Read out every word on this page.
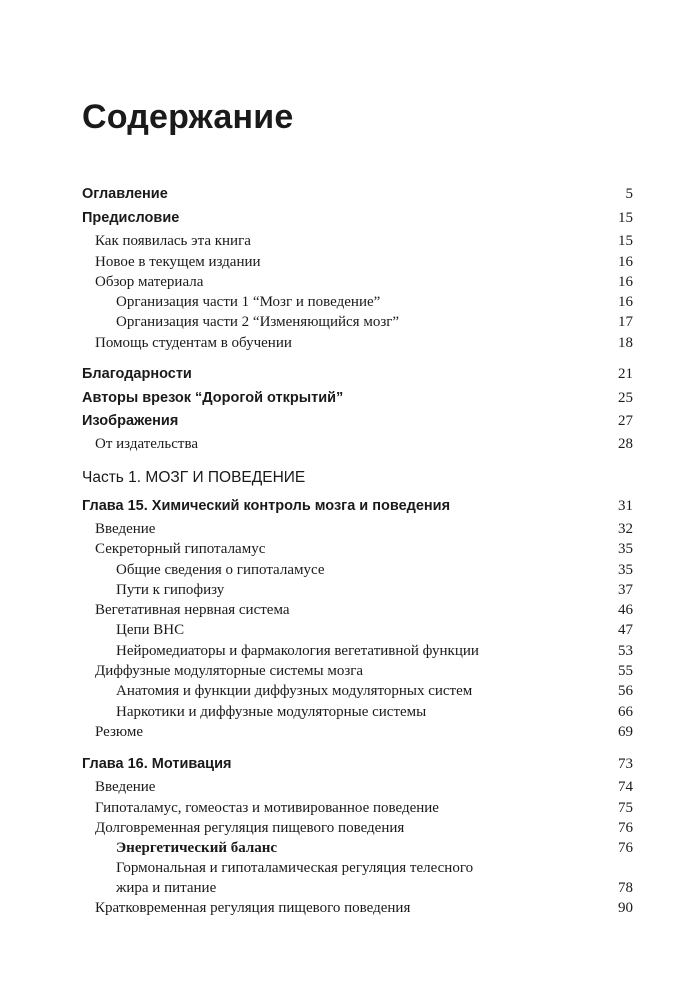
Содержание
Оглавление	5
Предисловие	15
Как появилась эта книга	15
Новое в текущем издании	16
Обзор материала	16
Организация части 1 “Мозг и поведение”	16
Организация части 2 “Изменяющийся мозг”	17
Помощь студентам в обучении	18
Благодарности	21
Авторы врезок “Дорогой открытий”	25
Изображения	27
От издательства	28
Часть 1. МОЗГ И ПОВЕДЕНИЕ
Глава 15. Химический контроль мозга и поведения	31
Введение	32
Секреторный гипоталамус	35
Общие сведения о гипоталамусе	35
Пути к гипофизу	37
Вегетативная нервная система	46
Цепи ВНС	47
Нейромедиаторы и фармакология вегетативной функции	53
Диффузные модуляторные системы мозга	55
Анатомия и функции диффузных модуляторных систем	56
Наркотики и диффузные модуляторные системы	66
Резюме	69
Глава 16. Мотивация	73
Введение	74
Гипоталамус, гомеостаз и мотивированное поведение	75
Долговременная регуляция пищевого поведения	76
Энергетический баланс	76
Гормональная и гипоталамическая регуляция телесного
жира и питание	78
Кратковременная регуляция пищевого поведения	90
